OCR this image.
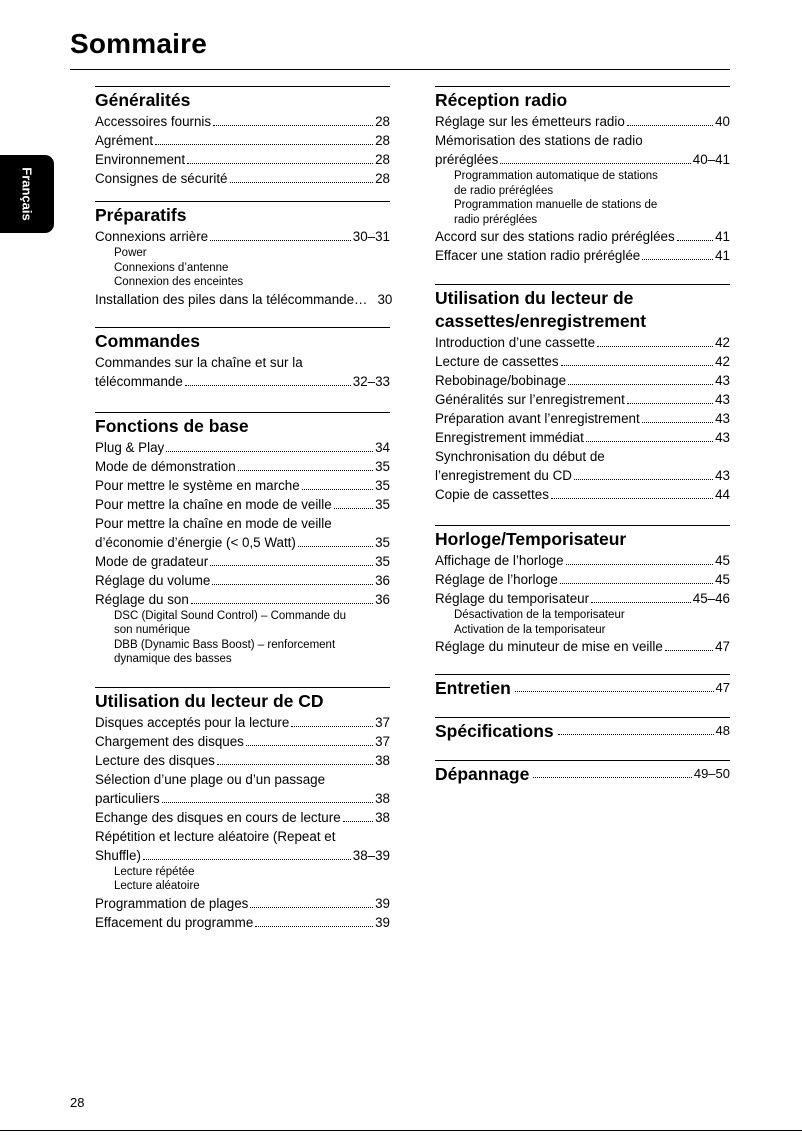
Sommaire
Français
Généralités
Accessoires fournis	28
Agrément	28
Environnement	28
Consignes de sécurité	28
Préparatifs
Connexions arrière	30–31
Power
Connexions d’antenne
Connexion des enceintes
Installation des piles dans la télécommande… 30
Commandes
Commandes sur la chaîne et sur la
télécommande	32–33
Fonctions de base
Plug & Play	34
Mode de démonstration	35
Pour mettre le système en marche	35
Pour mettre la chaîne en mode de veille	35
Pour mettre la chaîne en mode de veille
d’économie d’énergie (< 0,5 Watt)	35
Mode de gradateur	35
Réglage du volume	36
Réglage du son	36
DSC (Digital Sound Control) – Commande du
son numérique
DBB (Dynamic Bass Boost) – renforcement
dynamique des basses
Utilisation du lecteur de CD
Disques acceptés pour la lecture	37
Chargement des disques	37
Lecture des disques	38
Sélection d’une plage ou d’un passage
particuliers	38
Echange des disques en cours de lecture	38
Répétition et lecture aléatoire (Repeat et
Shuffle)	38–39
Lecture répétée
Lecture aléatoire
Programmation de plages	39
Effacement du programme	39
Réception radio
Réglage sur les émetteurs radio	40
Mémorisation des stations de radio
préréglées	40–41
Programmation automatique de stations
de radio préréglées
Programmation manuelle de stations de
radio préréglées
Accord sur des stations radio préréglées	41
Effacer une station radio préréglée	41
Utilisation du lecteur de
cassettes/enregistrement
Introduction d’une cassette	42
Lecture de cassettes	42
Rebobinage/bobinage	43
Généralités sur l’enregistrement	43
Préparation avant l’enregistrement	43
Enregistrement immédiat	43
Synchronisation du début de
l’enregistrement du CD	43
Copie de cassettes	44
Horloge/Temporisateur
Affichage de l’horloge	45
Réglage de l’horloge	45
Réglage du temporisateur	45–46
Désactivation de la temporisateur
Activation de la temporisateur
Réglage du minuteur de mise en veille	47
Entretien	47
Spécifications	48
Dépannage	49–50

28
